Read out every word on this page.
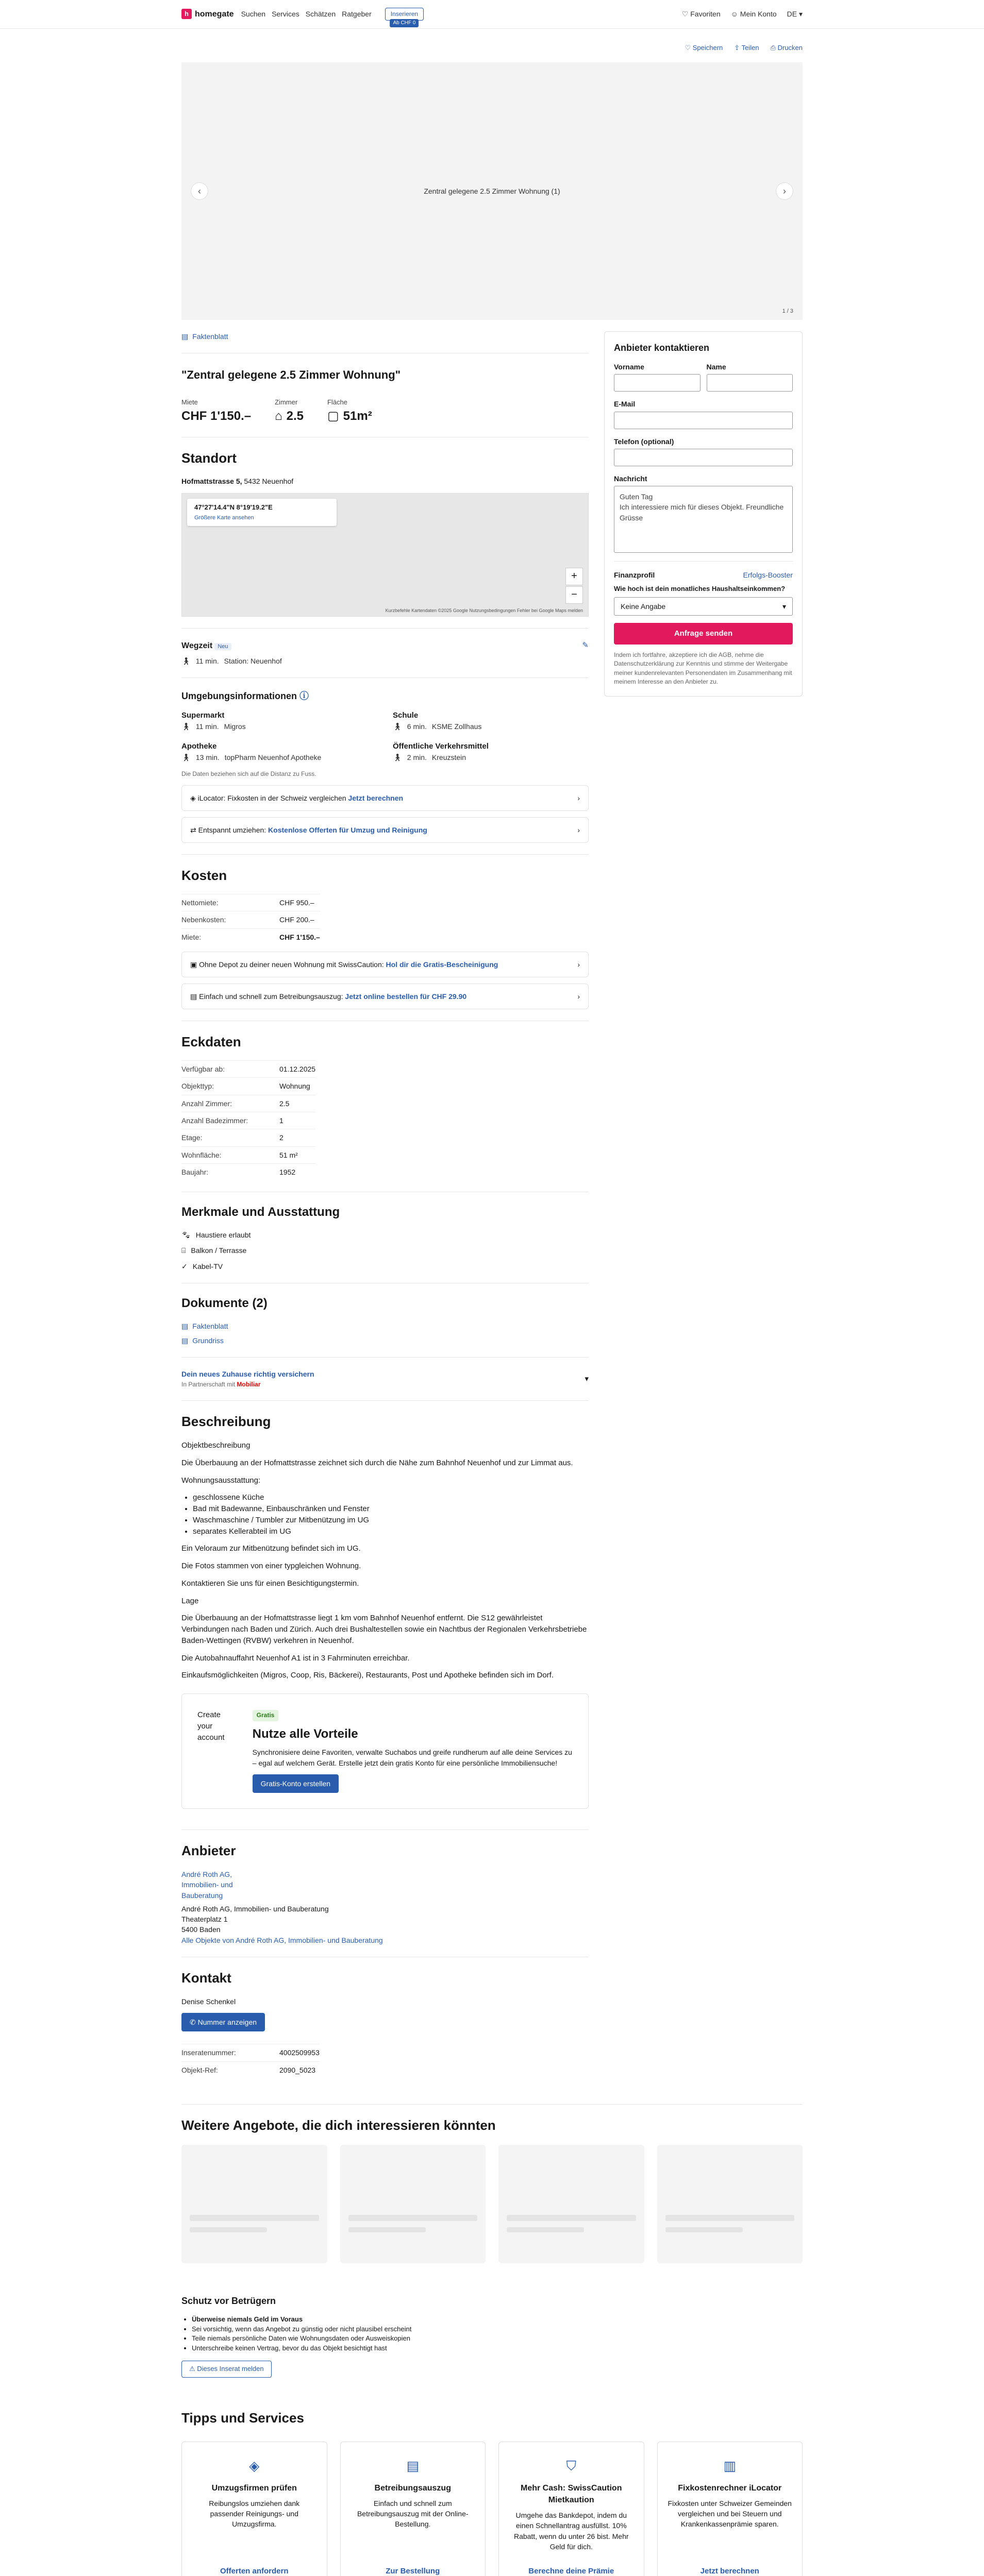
h homegate Suchen Services Schätzen Ratgeber	Inserieren
Ab CHF 0
♡ Favoriten ☺ Mein Konto DE ▾
♡ Speichern ⇪ Teilen ⎙ Drucken
Zentral gelegene 2.5 Zimmer Wohnung (1)
‹	›
1 / 3
▤ Faktenblatt
"Zentral gelegene 2.5 Zimmer Wohnung"
Miete
CHF 1'150.–
Zimmer
⌂ 2.5
Fläche
▢ 51m²
Standort
Hofmattstrasse 5, 5432 Neuenhof
47°27'14.4"N 8°19'19.2"E
Größere Karte ansehen
+
−
Kurzbefehle Kartendaten ©2025 Google Nutzungsbedingungen Fehler bei Google Maps melden
Wegzeit Neu	✎
🚶︎ 11 min. Station: Neuenhof
Umgebungsinformationen ⓘ
Supermarkt
🚶︎ 11 min. Migros
Schule
🚶︎ 6 min. KSME Zollhaus
Apotheke
🚶︎ 13 min. topPharm Neuenhof Apotheke
Öffentliche Verkehrsmittel
🚶︎ 2 min. Kreuzstein
Die Daten beziehen sich auf die Distanz zu Fuss.
◈ iLocator: Fixkosten in der Schweiz vergleichen Jetzt berechnen	›
⇄ Entspannt umziehen: Kostenlose Offerten für Umzug und Reinigung	›
Kosten
Nettomiete:	CHF 950.–
Nebenkosten:	CHF 200.–
Miete:	CHF 1'150.–
▣ Ohne Depot zu deiner neuen Wohnung mit SwissCaution: Hol dir die Gratis-Bescheinigung	›
▤ Einfach und schnell zum Betreibungsauszug: Jetzt online bestellen für CHF 29.90	›
Eckdaten
Verfügbar ab:	01.12.2025
Objekttyp:	Wohnung
Anzahl Zimmer:	2.5
Anzahl Badezimmer:	1
Etage:	2
Wohnfläche:	51 m²
Baujahr:	1952
Merkmale und Ausstattung
🐾︎ Haustiere erlaubt
⌸ Balkon / Terrasse
✓ Kabel-TV
Dokumente (2)
▤ Faktenblatt
▤ Grundriss
Dein neues Zuhause richtig versichern
In Partnerschaft mit Mobiliar
▾
Beschreibung

Objektbeschreibung

Die Überbauung an der Hofmattstrasse zeichnet sich durch die Nähe zum Bahnhof Neuenhof und zur Limmat aus.

Wohnungsausstattung:

• geschlossene Küche
• Bad mit Badewanne, Einbauschränken und Fenster
• Waschmaschine / Tumbler zur Mitbenützung im UG
• separates Kellerabteil im UG

Ein Veloraum zur Mitbenützung befindet sich im UG.

Die Fotos stammen von einer typgleichen Wohnung.

Kontaktieren Sie uns für einen Besichtigungstermin.

Lage

Die Überbauung an der Hofmattstrasse liegt 1 km vom Bahnhof Neuenhof entfernt. Die S12 gewährleistet Verbindungen nach Baden und Zürich. Auch drei Bushaltestellen sowie ein Nachtbus der Regionalen Verkehrsbetriebe Baden-Wettingen (RVBW) verkehren in Neuenhof.

Die Autobahnauffahrt Neuenhof A1 ist in 3 Fahrminuten erreichbar.

Einkaufsmöglichkeiten (Migros, Coop, Ris, Bäckerei), Restaurants, Post und Apotheke befinden sich im Dorf.

Create your account
Gratis
Nutze alle Vorteile
Synchronisiere deine Favoriten, verwalte Suchabos und greife rundherum auf alle deine Services zu – egal auf welchem Gerät. Erstelle jetzt dein gratis Konto für eine persönliche Immobiliensuche!
Gratis-Konto erstellen
Anbieter
André Roth AG, Immobilien- und Bauberatung
André Roth AG, Immobilien- und Bauberatung
Theaterplatz 1
5400 Baden
Alle Objekte von André Roth AG, Immobilien- und Bauberatung
Kontakt
Denise Schenkel
✆ Nummer anzeigen
Inseratenummer:	4002509953
Objekt-Ref:	2090_5023
Anbieter kontaktieren
Vorname	Name
E-Mail
Telefon (optional)
Nachricht
Guten Tag
Ich interessiere mich für dieses Objekt. Freundliche Grüsse
Finanzprofil	Erfolgs-Booster
Wie hoch ist dein monatliches Haushaltseinkommen?
Keine Angabe	▾
Anfrage senden
Indem ich fortfahre, akzeptiere ich die AGB, nehme die Datenschutzerklärung zur Kenntnis und stimme der Weitergabe meiner kundenrelevanten Personendaten im Zusammenhang mit meinem Interesse an den Anbieter zu.
Weitere Angebote, die dich interessieren könnten
Schutz vor Betrügern
• Überweise niemals Geld im Voraus
• Sei vorsichtig, wenn das Angebot zu günstig oder nicht plausibel erscheint
• Teile niemals persönliche Daten wie Wohnungsdaten oder Ausweiskopien
• Unterschreibe keinen Vertrag, bevor du das Objekt besichtigt hast
⚠ Dieses Inserat melden
Tipps und Services
◈
Umzugsfirmen prüfen

Reibungslos umziehen dank passender Reinigungs- und Umzugsfirma.

Offerten anfordern
▤
Betreibungsauszug

Einfach und schnell zum Betreibungsauszug mit der Online-Bestellung.

Zur Bestellung
⛉
Mehr Cash: SwissCaution Mietkaution

Umgehe das Bankdepot, indem du einen Schnellantrag ausfüllst. 10% Rabatt, wenn du unter 26 bist. Mehr Geld für dich.

Berechne deine Prämie
▥
Fixkostenrechner iLocator

Fixkosten unter Schweizer Gemeinden vergleichen und bei Steuern und Krankenkassenprämie sparen.

Jetzt berechnen
